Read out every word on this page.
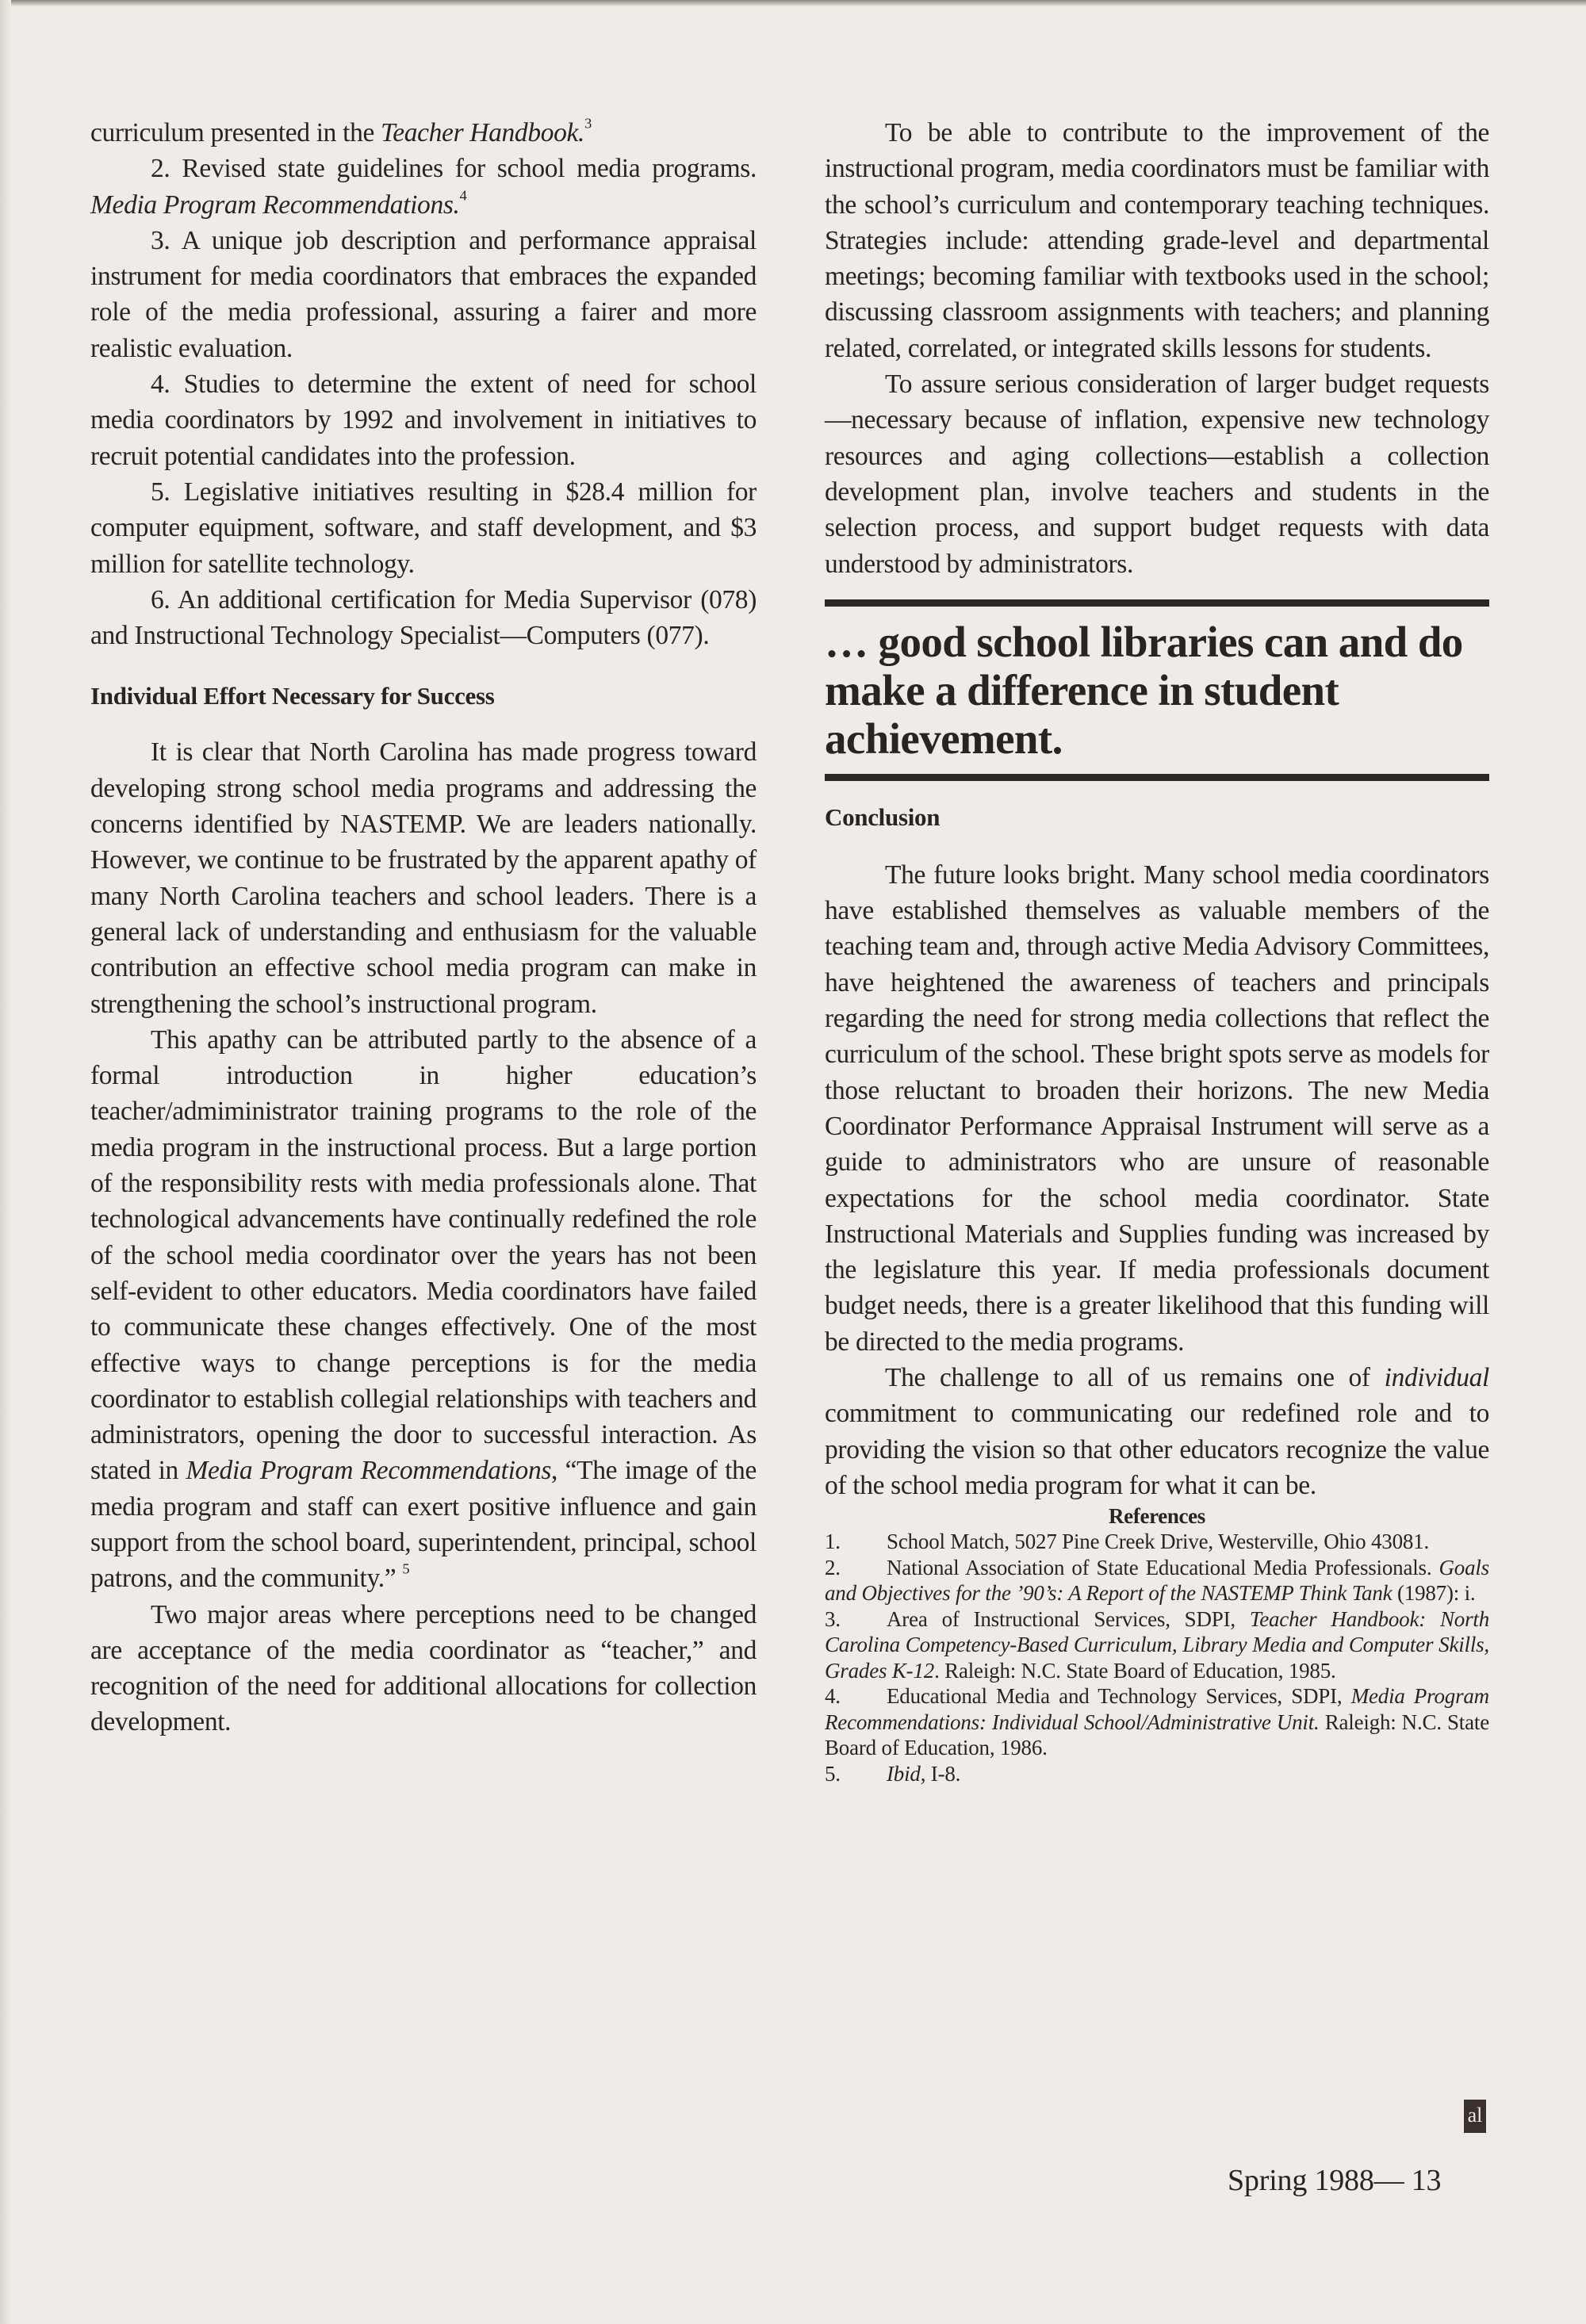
curriculum presented in the Teacher Handbook.$^3$

2. Revised state guidelines for school media programs. Media Program Recommendations.$^4$

3. A unique job description and performance appraisal instrument for media coordinators that embraces the expanded role of the media professional, assuring a fairer and more realistic evaluation.

4. Studies to determine the extent of need for school media coordinators by 1992 and involvement in initiatives to recruit potential candidates into the profession.

5. Legislative initiatives resulting in $28.4 million for computer equipment, software, and staff development, and $3 million for satellite technology.

6. An additional certification for Media Supervisor (078) and Instructional Technology Specialist—Computers (077).

Individual Effort Necessary for Success

It is clear that North Carolina has made progress toward developing strong school media programs and addressing the concerns identified by NASTEMP. We are leaders nationally. However, we continue to be frustrated by the apparent apathy of many North Carolina teachers and school leaders. There is a general lack of understanding and enthusiasm for the valuable contribution an effective school media program can make in strengthening the school’s instructional program.

This apathy can be attributed partly to the absence of a formal introduction in higher education’s teacher/admiministrator training programs to the role of the media program in the instructional process. But a large portion of the responsibility rests with media professionals alone. That technological advancements have continually redefined the role of the school media coordinator over the years has not been self-evident to other educators. Media coordinators have failed to communicate these changes effectively. One of the most effective ways to change perceptions is for the media coordinator to establish collegial relationships with teachers and administrators, opening the door to successful interaction. As stated in Media Program Recommendations, “The image of the media program and staff can exert positive influence and gain support from the school board, superintendent, principal, school patrons, and the community.” $^5$

Two major areas where perceptions need to be changed are acceptance of the media coordinator as “teacher,” and recognition of the need for additional allocations for collection development.

To be able to contribute to the improvement of the instructional program, media coordinators must be familiar with the school’s curriculum and contemporary teaching techniques. Strategies include: attending grade-level and departmental meetings; becoming familiar with textbooks used in the school; discussing classroom assignments with teachers; and planning related, correlated, or integrated skills lessons for students.

To assure serious consideration of larger budget requests—necessary because of inflation, expensive new technology resources and aging collections—establish a collection development plan, involve teachers and students in the selection process, and support budget requests with data understood by administrators.

… good school libraries can and do make a difference in student achievement.
Conclusion

The future looks bright. Many school media coordinators have established themselves as valuable members of the teaching team and, through active Media Advisory Committees, have heightened the awareness of teachers and principals regarding the need for strong media collections that reflect the curriculum of the school. These bright spots serve as models for those reluctant to broaden their horizons. The new Media Coordinator Performance Appraisal Instrument will serve as a guide to administrators who are unsure of reasonable expectations for the school media coordinator. State Instructional Materials and Supplies funding was increased by the legislature this year. If media professionals document budget needs, there is a greater likelihood that this funding will be directed to the media programs.

The challenge to all of us remains one of individual commitment to communicating our redefined role and to providing the vision so that other educators recognize the value of the school media program for what it can be.

References

1. School Match, 5027 Pine Creek Drive, Westerville, Ohio 43081.

2. National Association of State Educational Media Professionals. Goals and Objectives for the ’90’s: A Report of the NASTEMP Think Tank (1987): i.

3. Area of Instructional Services, SDPI, Teacher Handbook: North Carolina Competency-Based Curriculum, Library Media and Computer Skills, Grades K-12. Raleigh: N.C. State Board of Education, 1985.

4. Educational Media and Technology Services, SDPI, Media Program Recommendations: Individual School/Administrative Unit. Raleigh: N.C. State Board of Education, 1986.

5. Ibid, I-8.

al
Spring 1988— 13
